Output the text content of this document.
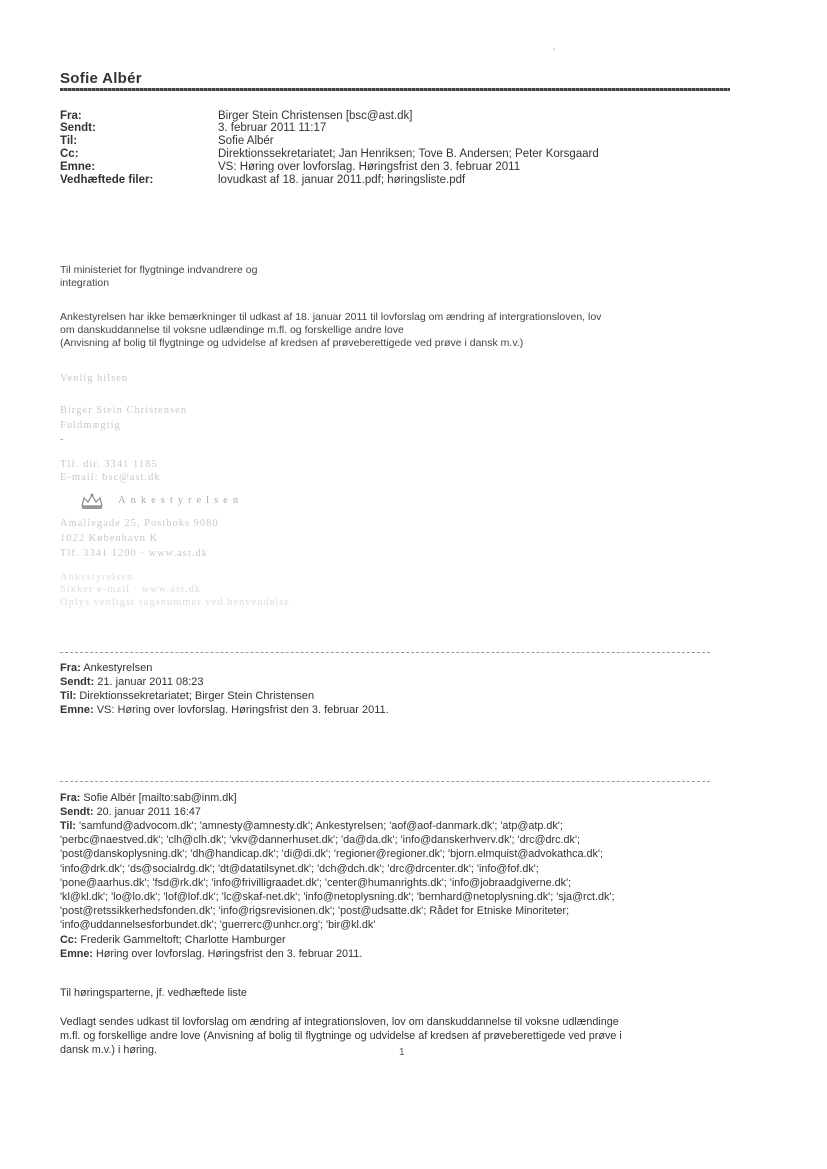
Sofie Albér
Fra:
Sendt:
Til:
Cc:
Emne:
Vedhæftede filer:
Birger Stein Christensen [bsc@ast.dk]
3. februar 2011 11:17
Sofie Albér
Direktionssekretariatet; Jan Henriksen; Tove B. Andersen; Peter Korsgaard
VS: Høring over lovforslag. Høringsfrist den 3. februar 2011
lovudkast af 18. januar 2011.pdf; høringsliste.pdf
Til ministeriet for flygtninge indvandrere og
integration
Ankestyrelsen har ikke bemærkninger til udkast af 18. januar 2011 til lovforslag om ændring af intergrationsloven, lov
om danskuddannelse til voksne udlændinge m.fl. og forskellige andre love
(Anvisning af bolig til flygtninge og udvidelse af kredsen af prøveberettigede ved prøve i dansk m.v.)
Venlig hilsen
Birger Stein Christensen
Fuldmægtig
-
Tlf. dir. 3341 1185
E-mail: bsc@ast.dk
Ankestyrelsen
Amaliegade 25, Postboks 9080
1022 København K
Tlf. 3341 1200 · www.ast.dk
Ankestyrelsen
Sikker e-mail · www.ast.dk
Oplys venligst sagsnummer ved henvendelse
Fra: Ankestyrelsen
Sendt: 21. januar 2011 08:23
Til: Direktionssekretariatet; Birger Stein Christensen
Emne: VS: Høring over lovforslag. Høringsfrist den 3. februar 2011.
Fra: Sofie Albér [mailto:sab@inm.dk]
Sendt: 20. januar 2011 16:47
Til: 'samfund@advocom.dk'; 'amnesty@amnesty.dk'; Ankestyrelsen; 'aof@aof-danmark.dk'; 'atp@atp.dk';
'perbc@naestved.dk'; 'clh@clh.dk'; 'vkv@dannerhuset.dk'; 'da@da.dk'; 'info@danskerhverv.dk'; 'drc@drc.dk';
'post@danskoplysning.dk'; 'dh@handicap.dk'; 'di@di.dk'; 'regioner@regioner.dk'; 'bjorn.elmquist@advokathca.dk';
'info@drk.dk'; 'ds@socialrdg.dk'; 'dt@datatilsynet.dk'; 'dch@dch.dk'; 'drc@drcenter.dk'; 'info@fof.dk';
'pone@aarhus.dk'; 'fsd@rk.dk'; 'info@frivilligraadet.dk'; 'center@humanrights.dk'; 'info@jobraadgiverne.dk';
'kl@kl.dk'; 'lo@lo.dk'; 'lof@lof.dk'; 'lc@skaf-net.dk'; 'info@netoplysning.dk'; 'bernhard@netoplysning.dk'; 'sja@rct.dk';
'post@retssikkerhedsfonden.dk'; 'info@rigsrevisionen.dk'; 'post@udsatte.dk'; Rådet for Etniske Minoriteter;
'info@uddannelsesforbundet.dk'; 'guerrerc@unhcr.org'; 'bir@kl.dk'
Cc: Frederik Gammeltoft; Charlotte Hamburger
Emne: Høring over lovforslag. Høringsfrist den 3. februar 2011.
Til høringsparterne, jf. vedhæftede liste
Vedlagt sendes udkast til lovforslag om ændring af integrationsloven, lov om danskuddannelse til voksne udlændinge
m.fl. og forskellige andre love (Anvisning af bolig til flygtninge og udvidelse af kredsen af prøveberettigede ved prøve i
dansk m.v.) i høring.	1
